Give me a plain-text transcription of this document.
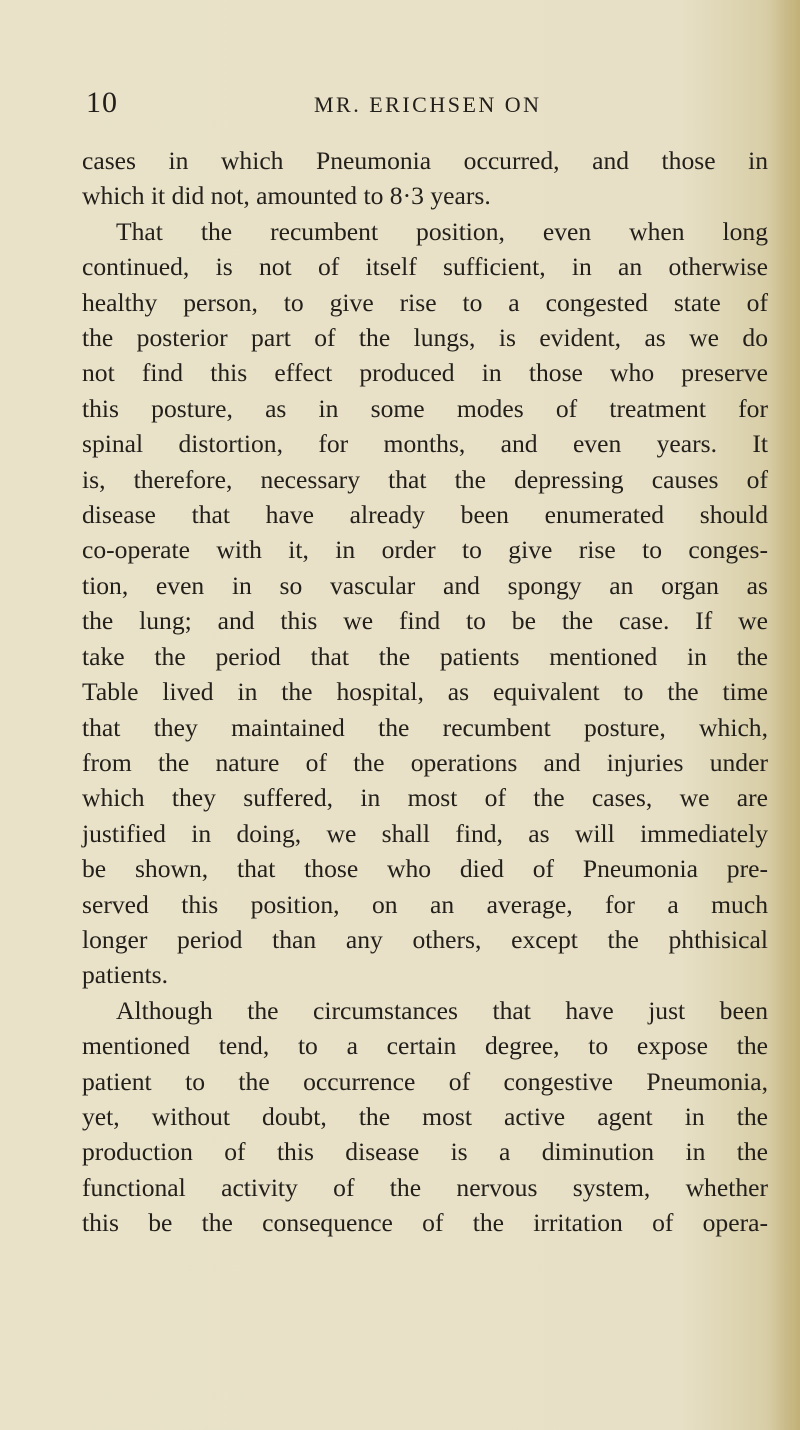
10	MR. ERICHSEN ON
cases in which Pneumonia occurred, and those in
which it did not, amounted to 8·3 years.
That the recumbent position, even when long
continued, is not of itself sufficient, in an otherwise
healthy person, to give rise to a congested state of
the posterior part of the lungs, is evident, as we do
not find this effect produced in those who preserve
this posture, as in some modes of treatment for
spinal distortion, for months, and even years. It
is, therefore, necessary that the depressing causes of
disease that have already been enumerated should
co-operate with it, in order to give rise to conges-
tion, even in so vascular and spongy an organ as
the lung; and this we find to be the case. If we
take the period that the patients mentioned in the
Table lived in the hospital, as equivalent to the time
that they maintained the recumbent posture, which,
from the nature of the operations and injuries under
which they suffered, in most of the cases, we are
justified in doing, we shall find, as will immediately
be shown, that those who died of Pneumonia pre-
served this position, on an average, for a much
longer period than any others, except the phthisical
patients.
Although the circumstances that have just been
mentioned tend, to a certain degree, to expose the
patient to the occurrence of congestive Pneumonia,
yet, without doubt, the most active agent in the
production of this disease is a diminution in the
functional activity of the nervous system, whether
this be the consequence of the irritation of opera-
